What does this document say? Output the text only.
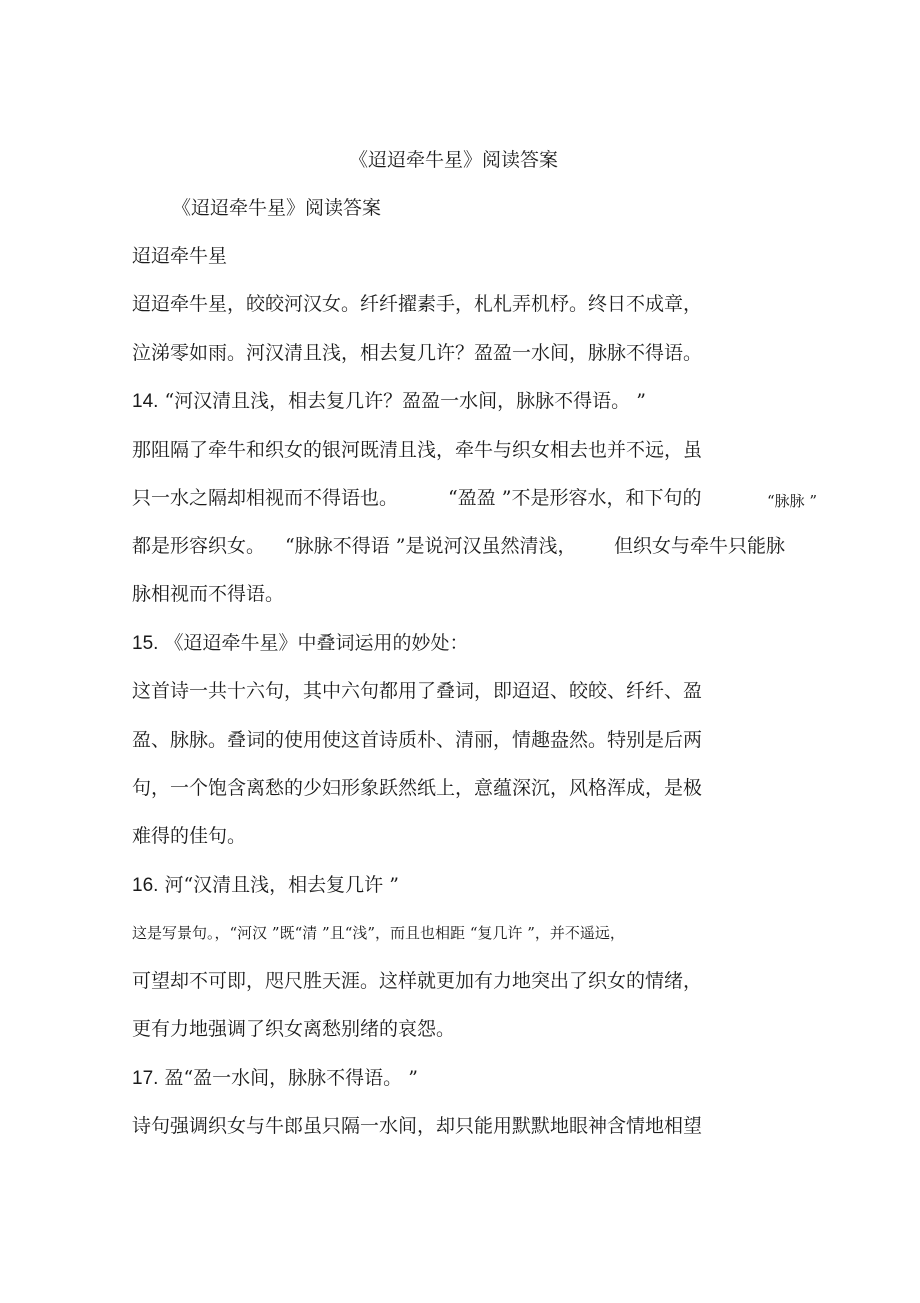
《迢迢牵牛星》阅读答案
《迢迢牵牛星》阅读答案
迢迢牵牛星
迢迢牵牛星，皎皎河汉女。纤纤擢素手，札札弄机杼。终日不成章，
泣涕零如雨。河汉清且浅，相去复几许？盈盈一水间，脉脉不得语。
14. “河汉清且浅，相去复几许？盈盈一水间，脉脉不得语。 ”
那阻隔了牵牛和织女的银河既清且浅，牵牛与织女相去也并不远，虽
只一水之隔却相视而不得语也。	“盈盈 ”不是形容水，和下句的	“脉脉 ”
都是形容织女。 “脉脉不得语 ”是说河汉虽然清浅， 但织女与牵牛只能脉
脉相视而不得语。
15. 《迢迢牵牛星》中叠词运用的妙处：
这首诗一共十六句，其中六句都用了叠词，即迢迢、皎皎、纤纤、盈
盈、脉脉。叠词的使用使这首诗质朴、清丽，情趣盎然。特别是后两
句，一个饱含离愁的少妇形象跃然纸上，意蕴深沉，风格浑成，是极
难得的佳句。
16. 河“汉清且浅，相去复几许 ”
这是写景句。，“河汉 ”既“清 ”且“浅”，而且也相距 “复几许 ”，并不遥远，
可望却不可即，咫尺胜天涯。这样就更加有力地突出了织女的情绪，
更有力地强调了织女离愁别绪的哀怨。
17. 盈“盈一水间，脉脉不得语。 ”
诗句强调织女与牛郎虽只隔一水间，却只能用默默地眼神含情地相望
